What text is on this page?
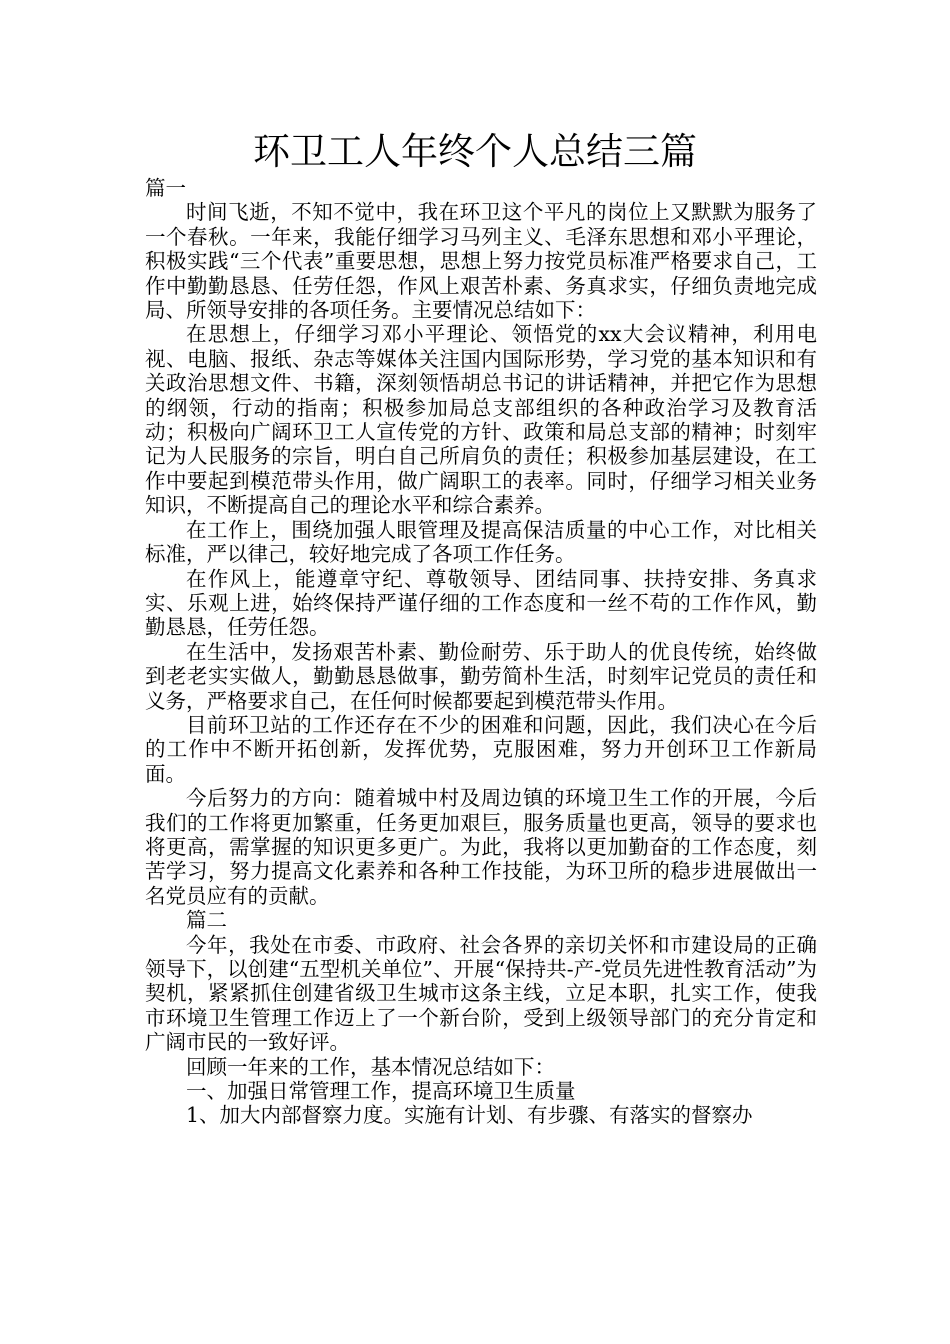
环卫工人年终个人总结三篇

篇一

时间飞逝，不知不觉中，我在环卫这个平凡的岗位上又默默为服务了一个春秋。一年来，我能仔细学习马列主义、毛泽东思想和邓小平理论，积极实践“三个代表”重要思想，思想上努力按党员标准严格要求自己，工作中勤勤恳恳、任劳任怨，作风上艰苦朴素、务真求实，仔细负责地完成局、所领导安排的各项任务。主要情况总结如下：

在思想上，仔细学习邓小平理论、领悟党的xx大会议精神，利用电视、电脑、报纸、杂志等媒体关注国内国际形势，学习党的基本知识和有关政治思想文件、书籍，深刻领悟胡总书记的讲话精神，并把它作为思想的纲领，行动的指南；积极参加局总支部组织的各种政治学习及教育活动；积极向广阔环卫工人宣传党的方针、政策和局总支部的精神；时刻牢记为人民服务的宗旨，明白自己所肩负的责任；积极参加基层建设，在工作中要起到模范带头作用，做广阔职工的表率。同时，仔细学习相关业务知识，不断提高自己的理论水平和综合素养。

在工作上，围绕加强人眼管理及提高保洁质量的中心工作，对比相关标准，严以律己，较好地完成了各项工作任务。

在作风上，能遵章守纪、尊敬领导、团结同事、扶持安排、务真求实、乐观上进，始终保持严谨仔细的工作态度和一丝不苟的工作作风，勤勤恳恳，任劳任怨。

在生活中，发扬艰苦朴素、勤俭耐劳、乐于助人的优良传统，始终做到老老实实做人，勤勤恳恳做事，勤劳简朴生活，时刻牢记党员的责任和义务，严格要求自己，在任何时候都要起到模范带头作用。

目前环卫站的工作还存在不少的困难和问题，因此，我们决心在今后的工作中不断开拓创新，发挥优势，克服困难，努力开创环卫工作新局面。

今后努力的方向：随着城中村及周边镇的环境卫生工作的开展，今后我们的工作将更加繁重，任务更加艰巨，服务质量也更高，领导的要求也将更高，需掌握的知识更多更广。为此，我将以更加勤奋的工作态度，刻苦学习，努力提高文化素养和各种工作技能，为环卫所的稳步进展做出一名党员应有的贡献。

篇二

今年，我处在市委、市政府、社会各界的亲切关怀和市建设局的正确领导下，以创建“五型机关单位”、开展“保持共-产-党员先进性教育活动”为契机，紧紧抓住创建省级卫生城市这条主线，立足本职，扎实工作，使我市环境卫生管理工作迈上了一个新台阶，受到上级领导部门的充分肯定和广阔市民的一致好评。

回顾一年来的工作，基本情况总结如下：

一、加强日常管理工作，提高环境卫生质量

1、加大内部督察力度。实施有计划、有步骤、有落实的督察办
